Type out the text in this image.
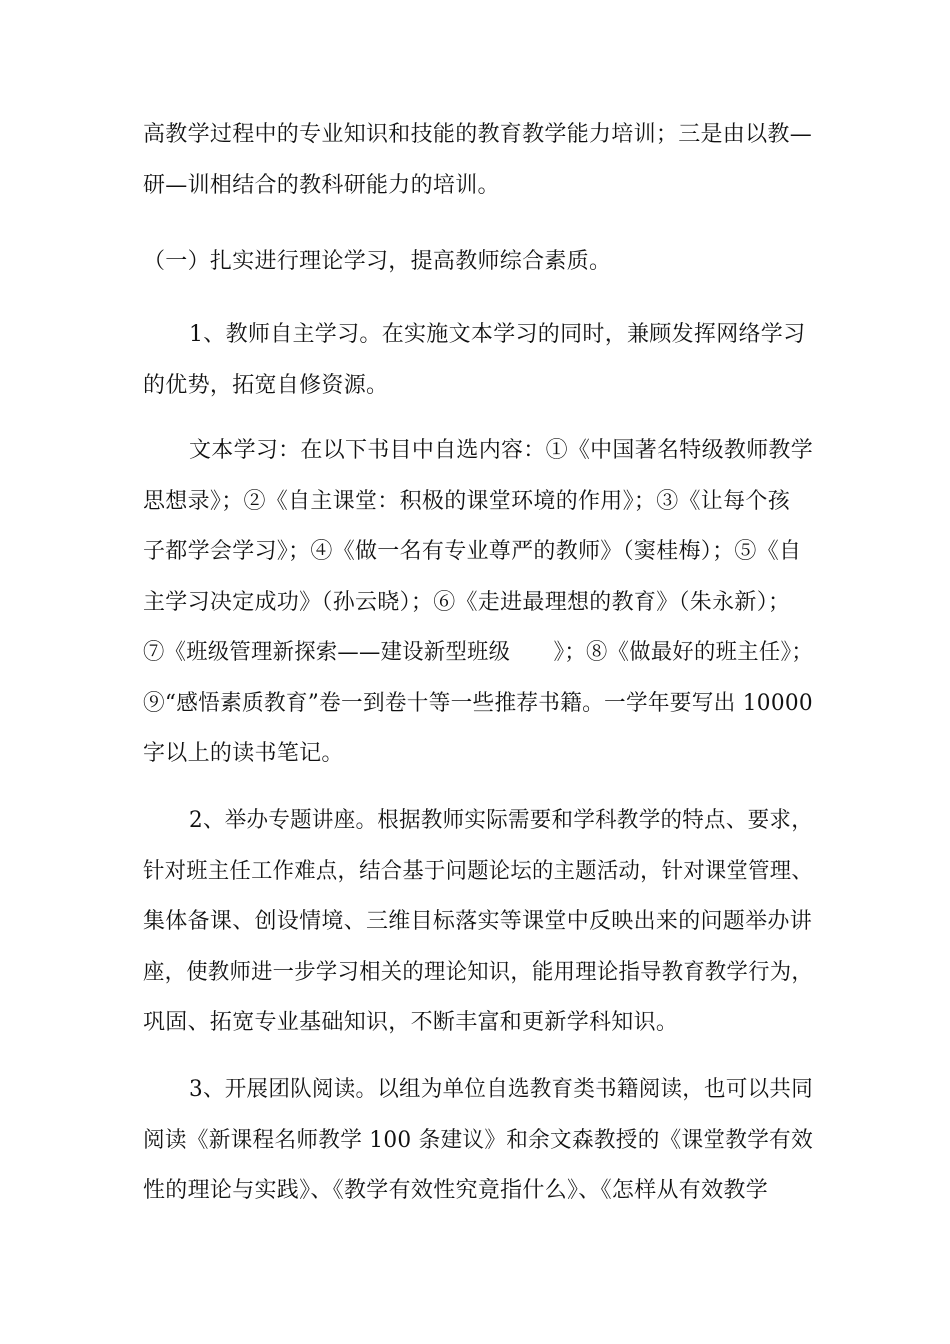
高教学过程中的专业知识和技能的教育教学能力培训；三是由以教—
研—训相结合的教科研能力的培训。
（一）扎实进行理论学习，提高教师综合素质。
1、教师自主学习。在实施文本学习的同时，兼顾发挥网络学习
的优势，拓宽自修资源。
文本学习：在以下书目中自选内容：①《中国著名特级教师教学
思想录》；②《自主课堂：积极的课堂环境的作用》；③《让每个孩
子都学会学习》；④《做一名有专业尊严的教师》（窦桂梅）；⑤《自
主学习决定成功》（孙云晓）；⑥《走进最理想的教育》（朱永新）；
⑦《班级管理新探索——建设新型班级　　》；⑧《做最好的班主任》；
⑨“感悟素质教育”卷一到卷十等一些推荐书籍。一学年要写出 10000
字以上的读书笔记。
2、举办专题讲座。根据教师实际需要和学科教学的特点、要求，
针对班主任工作难点，结合基于问题论坛的主题活动，针对课堂管理、
集体备课、创设情境、三维目标落实等课堂中反映出来的问题举办讲
座，使教师进一步学习相关的理论知识，能用理论指导教育教学行为，
巩固、拓宽专业基础知识，不断丰富和更新学科知识。
3、开展团队阅读。以组为单位自选教育类书籍阅读，也可以共同
阅读《新课程名师教学 100 条建议》和余文森教授的《课堂教学有效
性的理论与实践》、《教学有效性究竟指什么》、《怎样从有效教学
